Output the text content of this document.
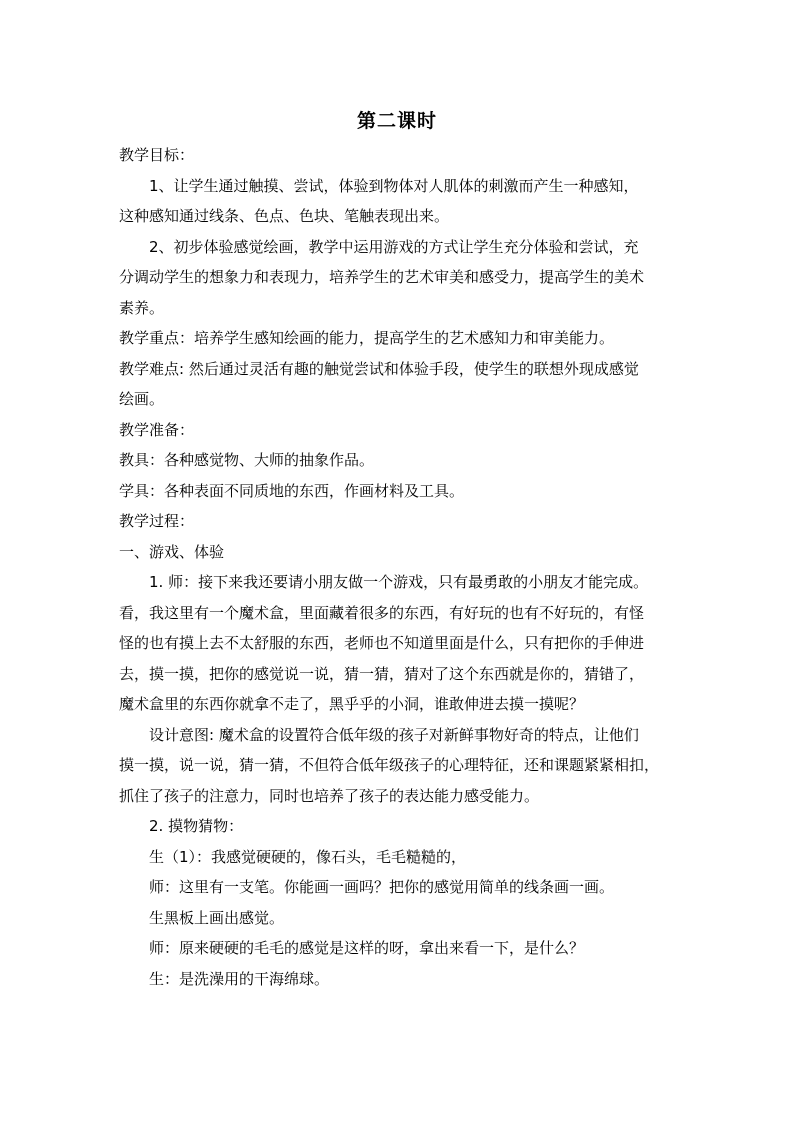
第二课时
教学目标：
1、让学生通过触摸、尝试，体验到物体对人肌体的刺激而产生一种感知，
这种感知通过线条、色点、色块、笔触表现出来。
2、初步体验感觉绘画，教学中运用游戏的方式让学生充分体验和尝试，充
分调动学生的想象力和表现力，培养学生的艺术审美和感受力，提高学生的美术
素养。
教学重点：培养学生感知绘画的能力，提高学生的艺术感知力和审美能力。
教学难点: 然后通过灵活有趣的触觉尝试和体验手段，使学生的联想外现成感觉
绘画。
教学准备：
教具：各种感觉物、大师的抽象作品。
学具：各种表面不同质地的东西，作画材料及工具。
教学过程：
一、游戏、体验
1. 师：接下来我还要请小朋友做一个游戏，只有最勇敢的小朋友才能完成。
看，我这里有一个魔术盒，里面藏着很多的东西，有好玩的也有不好玩的，有怪
怪的也有摸上去不太舒服的东西，老师也不知道里面是什么，只有把你的手伸进
去，摸一摸，把你的感觉说一说，猜一猜，猜对了这个东西就是你的，猜错了，
魔术盒里的东西你就拿不走了，黑乎乎的小洞，谁敢伸进去摸一摸呢？
设计意图: 魔术盒的设置符合低年级的孩子对新鲜事物好奇的特点，让他们
摸一摸，说一说，猜一猜，不但符合低年级孩子的心理特征，还和课题紧紧相扣，
抓住了孩子的注意力，同时也培养了孩子的表达能力感受能力。
2. 摸物猜物：
生（1）：我感觉硬硬的，像石头，毛毛糙糙的，
师：这里有一支笔。你能画一画吗？把你的感觉用简单的线条画一画。
生黑板上画出感觉。
师：原来硬硬的毛毛的感觉是这样的呀，拿出来看一下，是什么？
生：是洗澡用的干海绵球。
